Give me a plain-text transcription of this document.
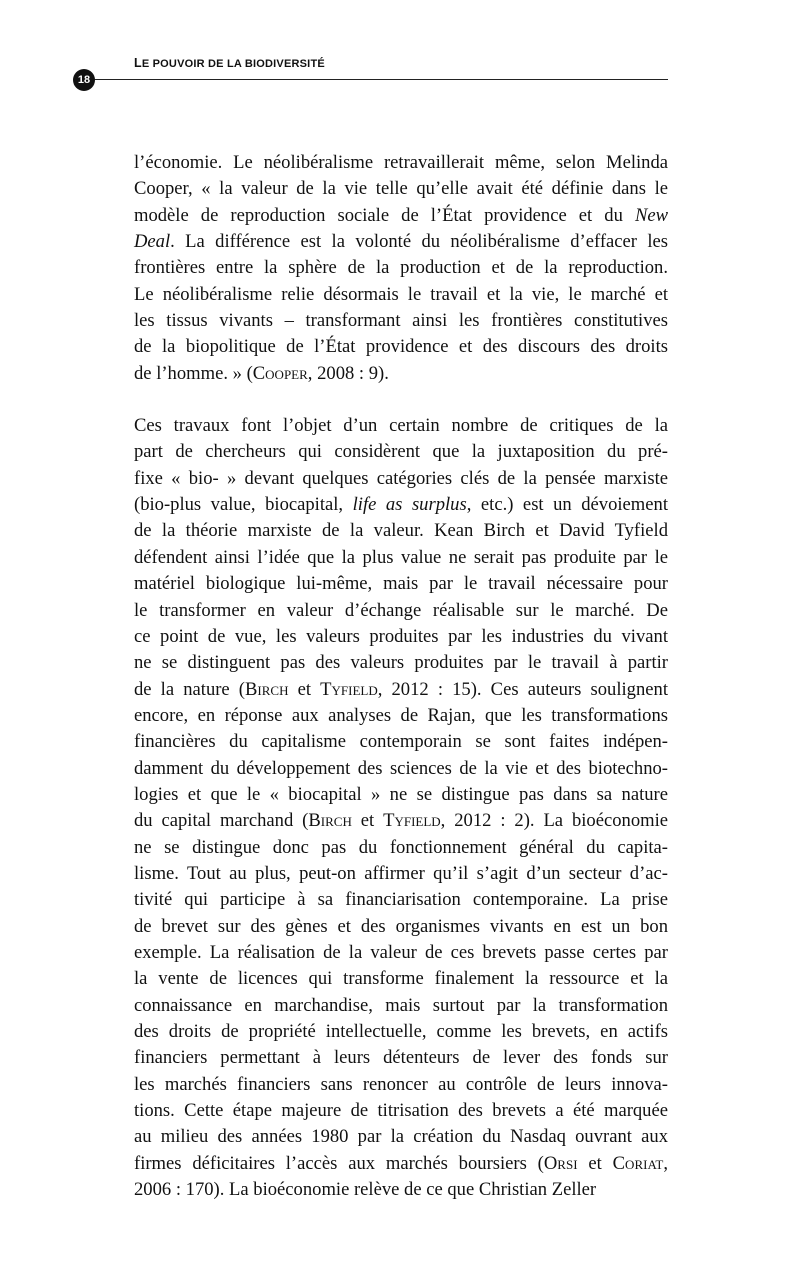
LE POUVOIR DE LA BIODIVERSITÉ
18
l’économie. Le néolibéralisme retravaillerait même, selon Melinda
Cooper, « la valeur de la vie telle qu’elle avait été définie dans le
modèle de reproduction sociale de l’État providence et du New
Deal. La différence est la volonté du néolibéralisme d’effacer les
frontières entre la sphère de la production et de la reproduction.
Le néolibéralisme relie désormais le travail et la vie, le marché et
les tissus vivants – transformant ainsi les frontières constitutives
de la biopolitique de l’État providence et des discours des droits
de l’homme. » (Cooper, 2008 : 9).
Ces travaux font l’objet d’un certain nombre de critiques de la
part de chercheurs qui considèrent que la juxtaposition du pré-
fixe « bio- » devant quelques catégories clés de la pensée marxiste
(bio-plus value, biocapital, life as surplus, etc.) est un dévoiement
de la théorie marxiste de la valeur. Kean Birch et David Tyfield
défendent ainsi l’idée que la plus value ne serait pas produite par le
matériel biologique lui-même, mais par le travail nécessaire pour
le transformer en valeur d’échange réalisable sur le marché. De
ce point de vue, les valeurs produites par les industries du vivant
ne se distinguent pas des valeurs produites par le travail à partir
de la nature (Birch et Tyfield, 2012 : 15). Ces auteurs soulignent
encore, en réponse aux analyses de Rajan, que les transformations
financières du capitalisme contemporain se sont faites indépen-
damment du développement des sciences de la vie et des biotechno-
logies et que le « biocapital » ne se distingue pas dans sa nature
du capital marchand (Birch et Tyfield, 2012 : 2). La bioéconomie
ne se distingue donc pas du fonctionnement général du capita-
lisme. Tout au plus, peut-on affirmer qu’il s’agit d’un secteur d’ac-
tivité qui participe à sa financiarisation contemporaine. La prise
de brevet sur des gènes et des organismes vivants en est un bon
exemple. La réalisation de la valeur de ces brevets passe certes par
la vente de licences qui transforme finalement la ressource et la
connaissance en marchandise, mais surtout par la transformation
des droits de propriété intellectuelle, comme les brevets, en actifs
financiers permettant à leurs détenteurs de lever des fonds sur
les marchés financiers sans renoncer au contrôle de leurs innova-
tions. Cette étape majeure de titrisation des brevets a été marquée
au milieu des années 1980 par la création du Nasdaq ouvrant aux
firmes déficitaires l’accès aux marchés boursiers (Orsi et Coriat,
2006 : 170). La bioéconomie relève de ce que Christian Zeller
